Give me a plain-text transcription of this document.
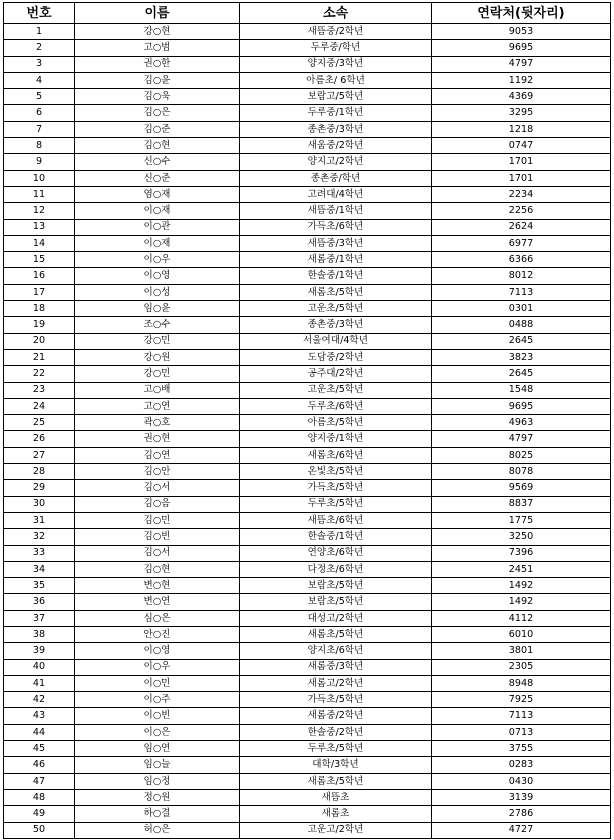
번호	이름	소속	연락처(뒷자리)
1	강○현	새뜸중/2학년	9053
2	고○범	두루중/학년	9695
3	권○한	양지중/3학년	4797
4	김○윤	아름초/ 6학년	1192
5	김○욱	보람고/5학년	4369
6	김○은	두루중/1학년	3295
7	김○준	종촌중/3학년	1218
8	김○현	새움중/2학년	0747
9	신○수	양지고/2학년	1701
10	신○준	종촌중/학년	1701
11	염○재	고려대/4학년	2234
12	이○재	새뜸중/1학년	2256
13	이○관	가득초/6학년	2624
14	이○재	새뜸중/3학년	6977
15	이○우	새롬중/1학년	6366
16	이○영	한솔중/1학년	8012
17	이○성	새롬초/5학년	7113
18	임○윤	고운초/5학년	0301
19	조○수	종촌중/3학년	0488
20	강○민	서울여대/4학년	2645
21	강○원	도담중/2학년	3823
22	강○민	공주대/2학년	2645
23	고○배	고운초/5학년	1548
24	고○연	두루초/6학년	9695
25	곽○호	아름초/5학년	4963
26	권○현	양지중/1학년	4797
27	김○연	새롬초/6학년	8025
28	김○안	온빛초/5학년	8078
29	김○서	가득초/5학년	9569
30	김○음	두루초/5학년	8837
31	김○민	새뜸초/6학년	1775
32	김○빈	한솔중/1학년	3250
33	김○서	연양초/6학년	7396
34	김○현	다정초/6학년	2451
35	변○현	보람초/5학년	1492
36	변○연	보람초/5학년	1492
37	심○은	대성고/2학년	4112
38	안○진	새롬초/5학년	6010
39	이○영	양지초/6학년	3801
40	이○우	새롬중/3학년	2305
41	이○민	새롬고/2학년	8948
42	이○주	가득초/5학년	7925
43	이○빈	새롬중/2학년	7113
44	이○은	한솔중/2학년	0713
45	임○연	두루초/5학년	3755
46	임○늘	대학/3학년	0283
47	임○정	새롬초/5학년	0430
48	정○원	새뜸초	3139
49	하○결	새롬초	2786
50	허○은	고운고/2학년	4727
